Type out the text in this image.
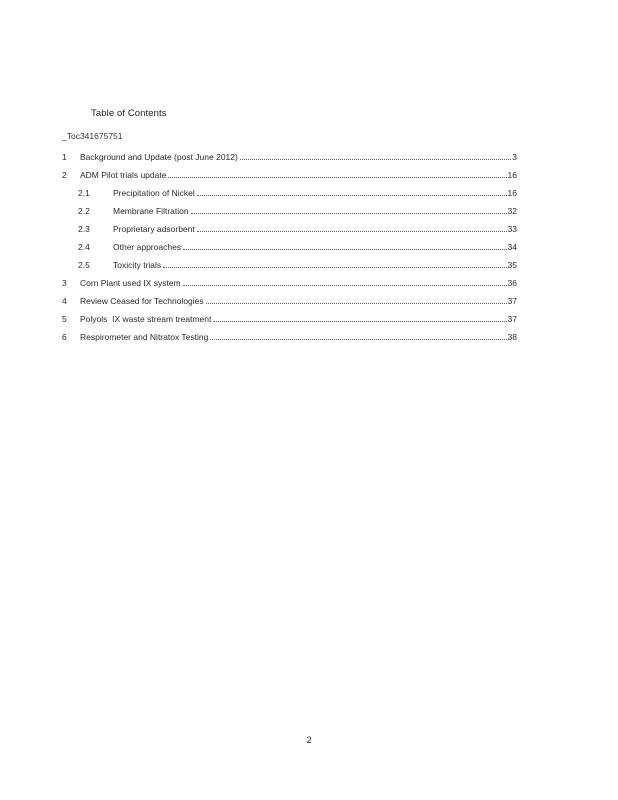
Table of Contents
_Toc341675751
1	Background and Update (post June 2012)	3
2	ADM Pilot trials update	16
2.1	Precipitation of Nickel	16
2.2	Membrane Filtration	32
2.3	Proprietary adsorbent	33
2.4	Other approaches	34
2.5	Toxicity trials	35
3	Corn Plant used IX system	36
4	Review Ceased for Technologies	37
5	Polyols  IX waste stream treatment	37
6	Respirometer and Nitratox Testing	38
2
